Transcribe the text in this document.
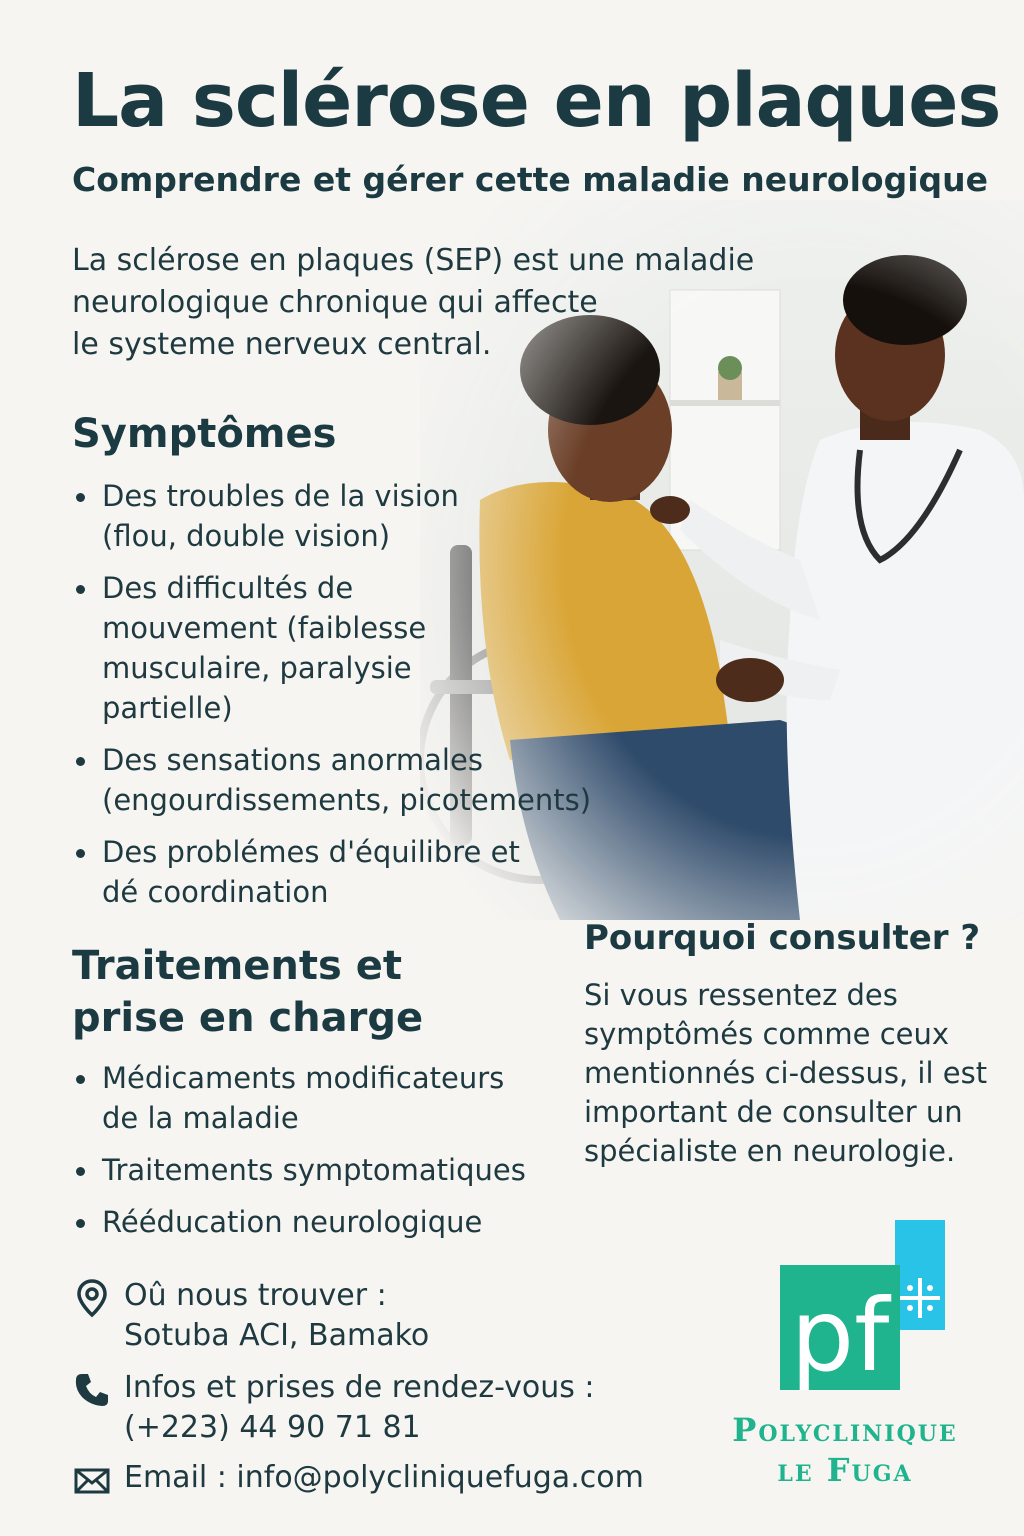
La sclérose en plaques

Comprendre et gérer cette maladie neurologique

La sclérose en plaques (SEP) est une maladie
neurologique chronique qui affecte
le systeme nerveux central.

Symptômes
Des troubles de la vision (flou, double vision)
Des difficultés de mouvement (faiblesse musculaire, paralysie partielle)
Des sensations anormales (engourdissements, picotements)
Des problémes d'équilibre et dé coordination
Traitements et prise en charge
Médicaments modificateurs de la maladie
Traitements symptomatiques
Rééducation neurologique
Pourquoi consulter ?

Si vous ressentez des symptômés comme ceux mentionnés ci-dessus, il est important de consulter un spécialiste en neurologie.

Oû nous trouver :
Sotuba ACI, Bamako
Infos et prises de rendez-vous :
(+223) 44 90 71 81
Email : info@polycliniquefuga.com
pf
Polyclinique
le Fuga
